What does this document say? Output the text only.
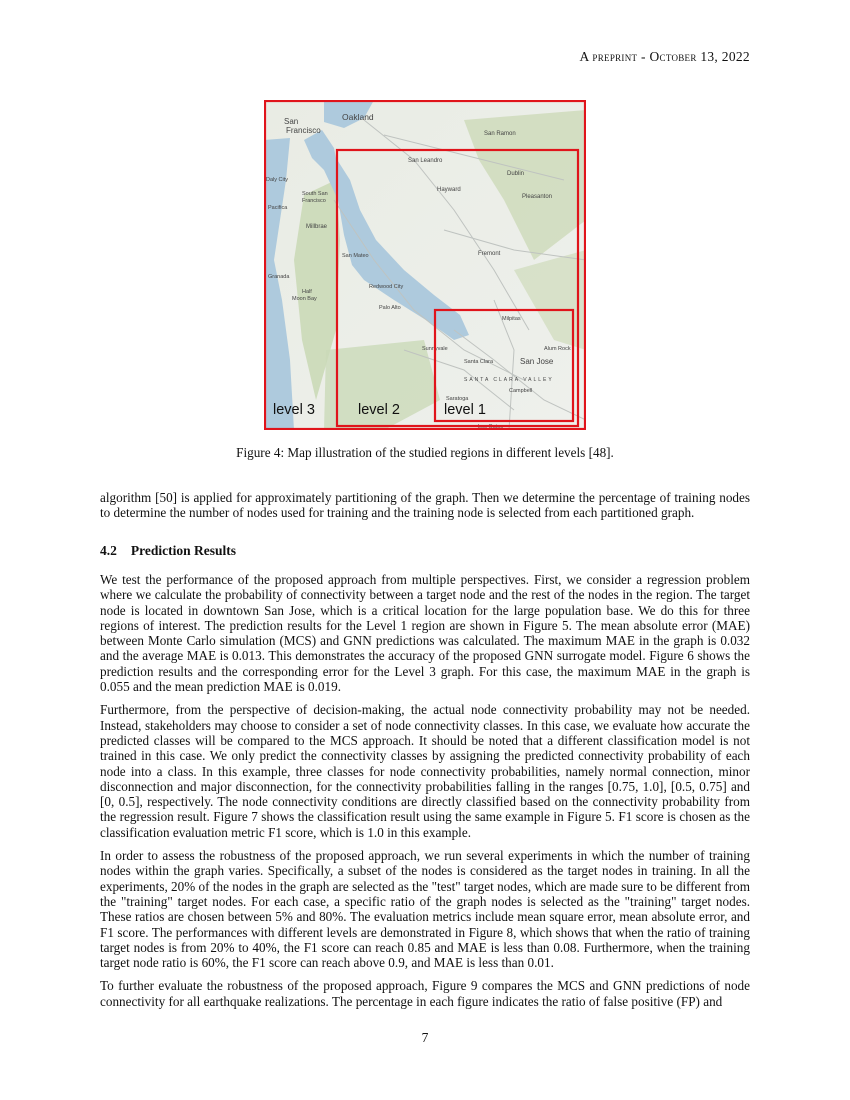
A preprint - October 13, 2022
Oakland
San
Francisco	San Ramon
San Leandro
Daly City
Dublin
Hayward
South San
Francisco
Pleasanton
Pacifica
Millbrae
Fremont
San Mateo
Granada
Half
Moon Bay
Redwood City
Palo Alto
Milpitas
Sunnyvale	Alum Rock
Santa Clara	San Jose
SANTA CLARA VALLEY
Campbell
Saratoga
Los Gatos
level 3	level 2	level 1
Figure 4: Map illustration of the studied regions in different levels [48].

algorithm [50] is applied for approximately partitioning of the graph. Then we determine the percentage of training nodes to determine the number of nodes used for training and the training node is selected from each partitioned graph.

4.2 Prediction Results

We test the performance of the proposed approach from multiple perspectives. First, we consider a regression problem where we calculate the probability of connectivity between a target node and the rest of the nodes in the region. The target node is located in downtown San Jose, which is a critical location for the large population base. We do this for three regions of interest. The prediction results for the Level 1 region are shown in Figure 5. The mean absolute error (MAE) between Monte Carlo simulation (MCS) and GNN predictions was calculated. The maximum MAE in the graph is 0.032 and the average MAE is 0.013. This demonstrates the accuracy of the proposed GNN surrogate model. Figure 6 shows the prediction results and the corresponding error for the Level 3 graph. For this case, the maximum MAE in the graph is 0.055 and the mean prediction MAE is 0.019.

Furthermore, from the perspective of decision-making, the actual node connectivity probability may not be needed. Instead, stakeholders may choose to consider a set of node connectivity classes. In this case, we evaluate how accurate the predicted classes will be compared to the MCS approach. It should be noted that a different classification model is not trained in this case. We only predict the connectivity classes by assigning the predicted connectivity probability of each node into a class. In this example, three classes for node connectivity probabilities, namely normal connection, minor disconnection and major disconnection, for the connectivity probabilities falling in the ranges [0.75, 1.0], [0.5, 0.75] and [0, 0.5], respectively. The node connectivity conditions are directly classified based on the connectivity probability from the regression result. Figure 7 shows the classification result using the same example in Figure 5. F1 score is chosen as the classification evaluation metric F1 score, which is 1.0 in this example.

In order to assess the robustness of the proposed approach, we run several experiments in which the number of training nodes within the graph varies. Specifically, a subset of the nodes is considered as the target nodes in training. In all the experiments, 20% of the nodes in the graph are selected as the "test" target nodes, which are made sure to be different from the "training" target nodes. For each case, a specific ratio of the graph nodes is selected as the "training" target nodes. These ratios are chosen between 5% and 80%. The evaluation metrics include mean square error, mean absolute error, and F1 score. The performances with different levels are demonstrated in Figure 8, which shows that when the ratio of training target nodes is from 20% to 40%, the F1 score can reach 0.85 and MAE is less than 0.08. Furthermore, when the training target node ratio is 60%, the F1 score can reach above 0.9, and MAE is less than 0.01.

To further evaluate the robustness of the proposed approach, Figure 9 compares the MCS and GNN predictions of node connectivity for all earthquake realizations. The percentage in each figure indicates the ratio of false positive (FP) and

7
